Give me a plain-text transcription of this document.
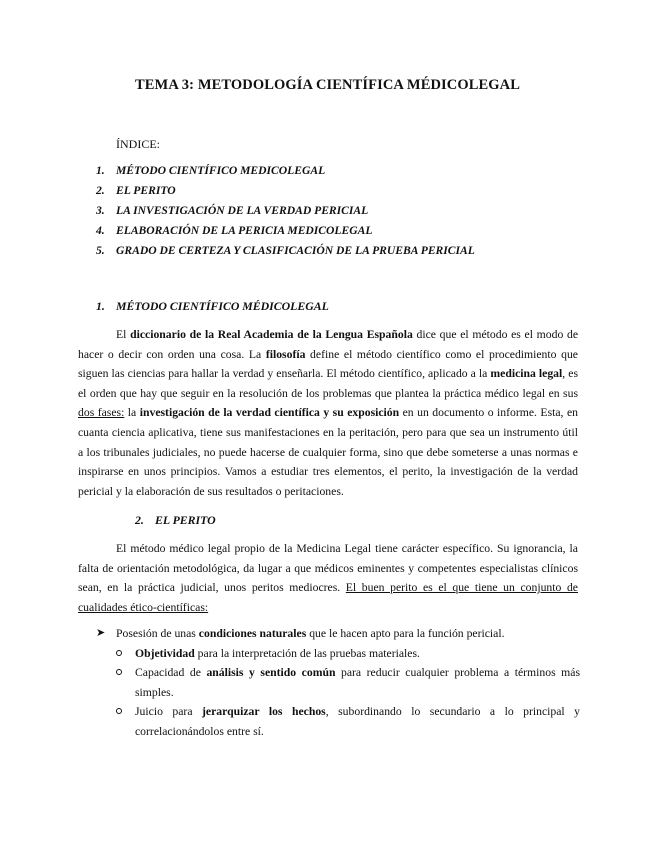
TEMA 3: METODOLOGÍA CIENTÍFICA MÉDICOLEGAL
ÍNDICE:
1. MÉTODO CIENTÍFICO MEDICOLEGAL
2. EL PERITO
3. LA INVESTIGACIÓN DE LA VERDAD PERICIAL
4. ELABORACIÓN DE LA PERICIA MEDICOLEGAL
5. GRADO DE CERTEZA Y CLASIFICACIÓN DE LA PRUEBA PERICIAL
1. MÉTODO CIENTÍFICO MÉDICOLEGAL

El diccionario de la Real Academia de la Lengua Española dice que el método es el modo de hacer o decir con orden una cosa. La filosofía define el método científico como el procedimiento que siguen las ciencias para hallar la verdad y enseñarla. El método científico, aplicado a la medicina legal, es el orden que hay que seguir en la resolución de los problemas que plantea la práctica médico legal en sus dos fases: la investigación de la verdad científica y su exposición en un documento o informe. Esta, en cuanta ciencia aplicativa, tiene sus manifestaciones en la peritación, pero para que sea un instrumento útil a los tribunales judiciales, no puede hacerse de cualquier forma, sino que debe someterse a unas normas e inspirarse en unos principios. Vamos a estudiar tres elementos, el perito, la investigación de la verdad pericial y la elaboración de sus resultados o peritaciones.

2. EL PERITO

El método médico legal propio de la Medicina Legal tiene carácter específico. Su ignorancia, la falta de orientación metodológica, da lugar a que médicos eminentes y competentes especialistas clínicos sean, en la práctica judicial, unos peritos mediocres. El buen perito es el que tiene un conjunto de cualidades ético-científicas:

➤ Posesión de unas condiciones naturales que le hacen apto para la función pericial.
Objetividad para la interpretación de las pruebas materiales.
Capacidad de análisis y sentido común para reducir cualquier problema a términos más simples.
Juicio para jerarquizar los hechos, subordinando lo secundario a lo principal y correlacionándolos entre sí.
